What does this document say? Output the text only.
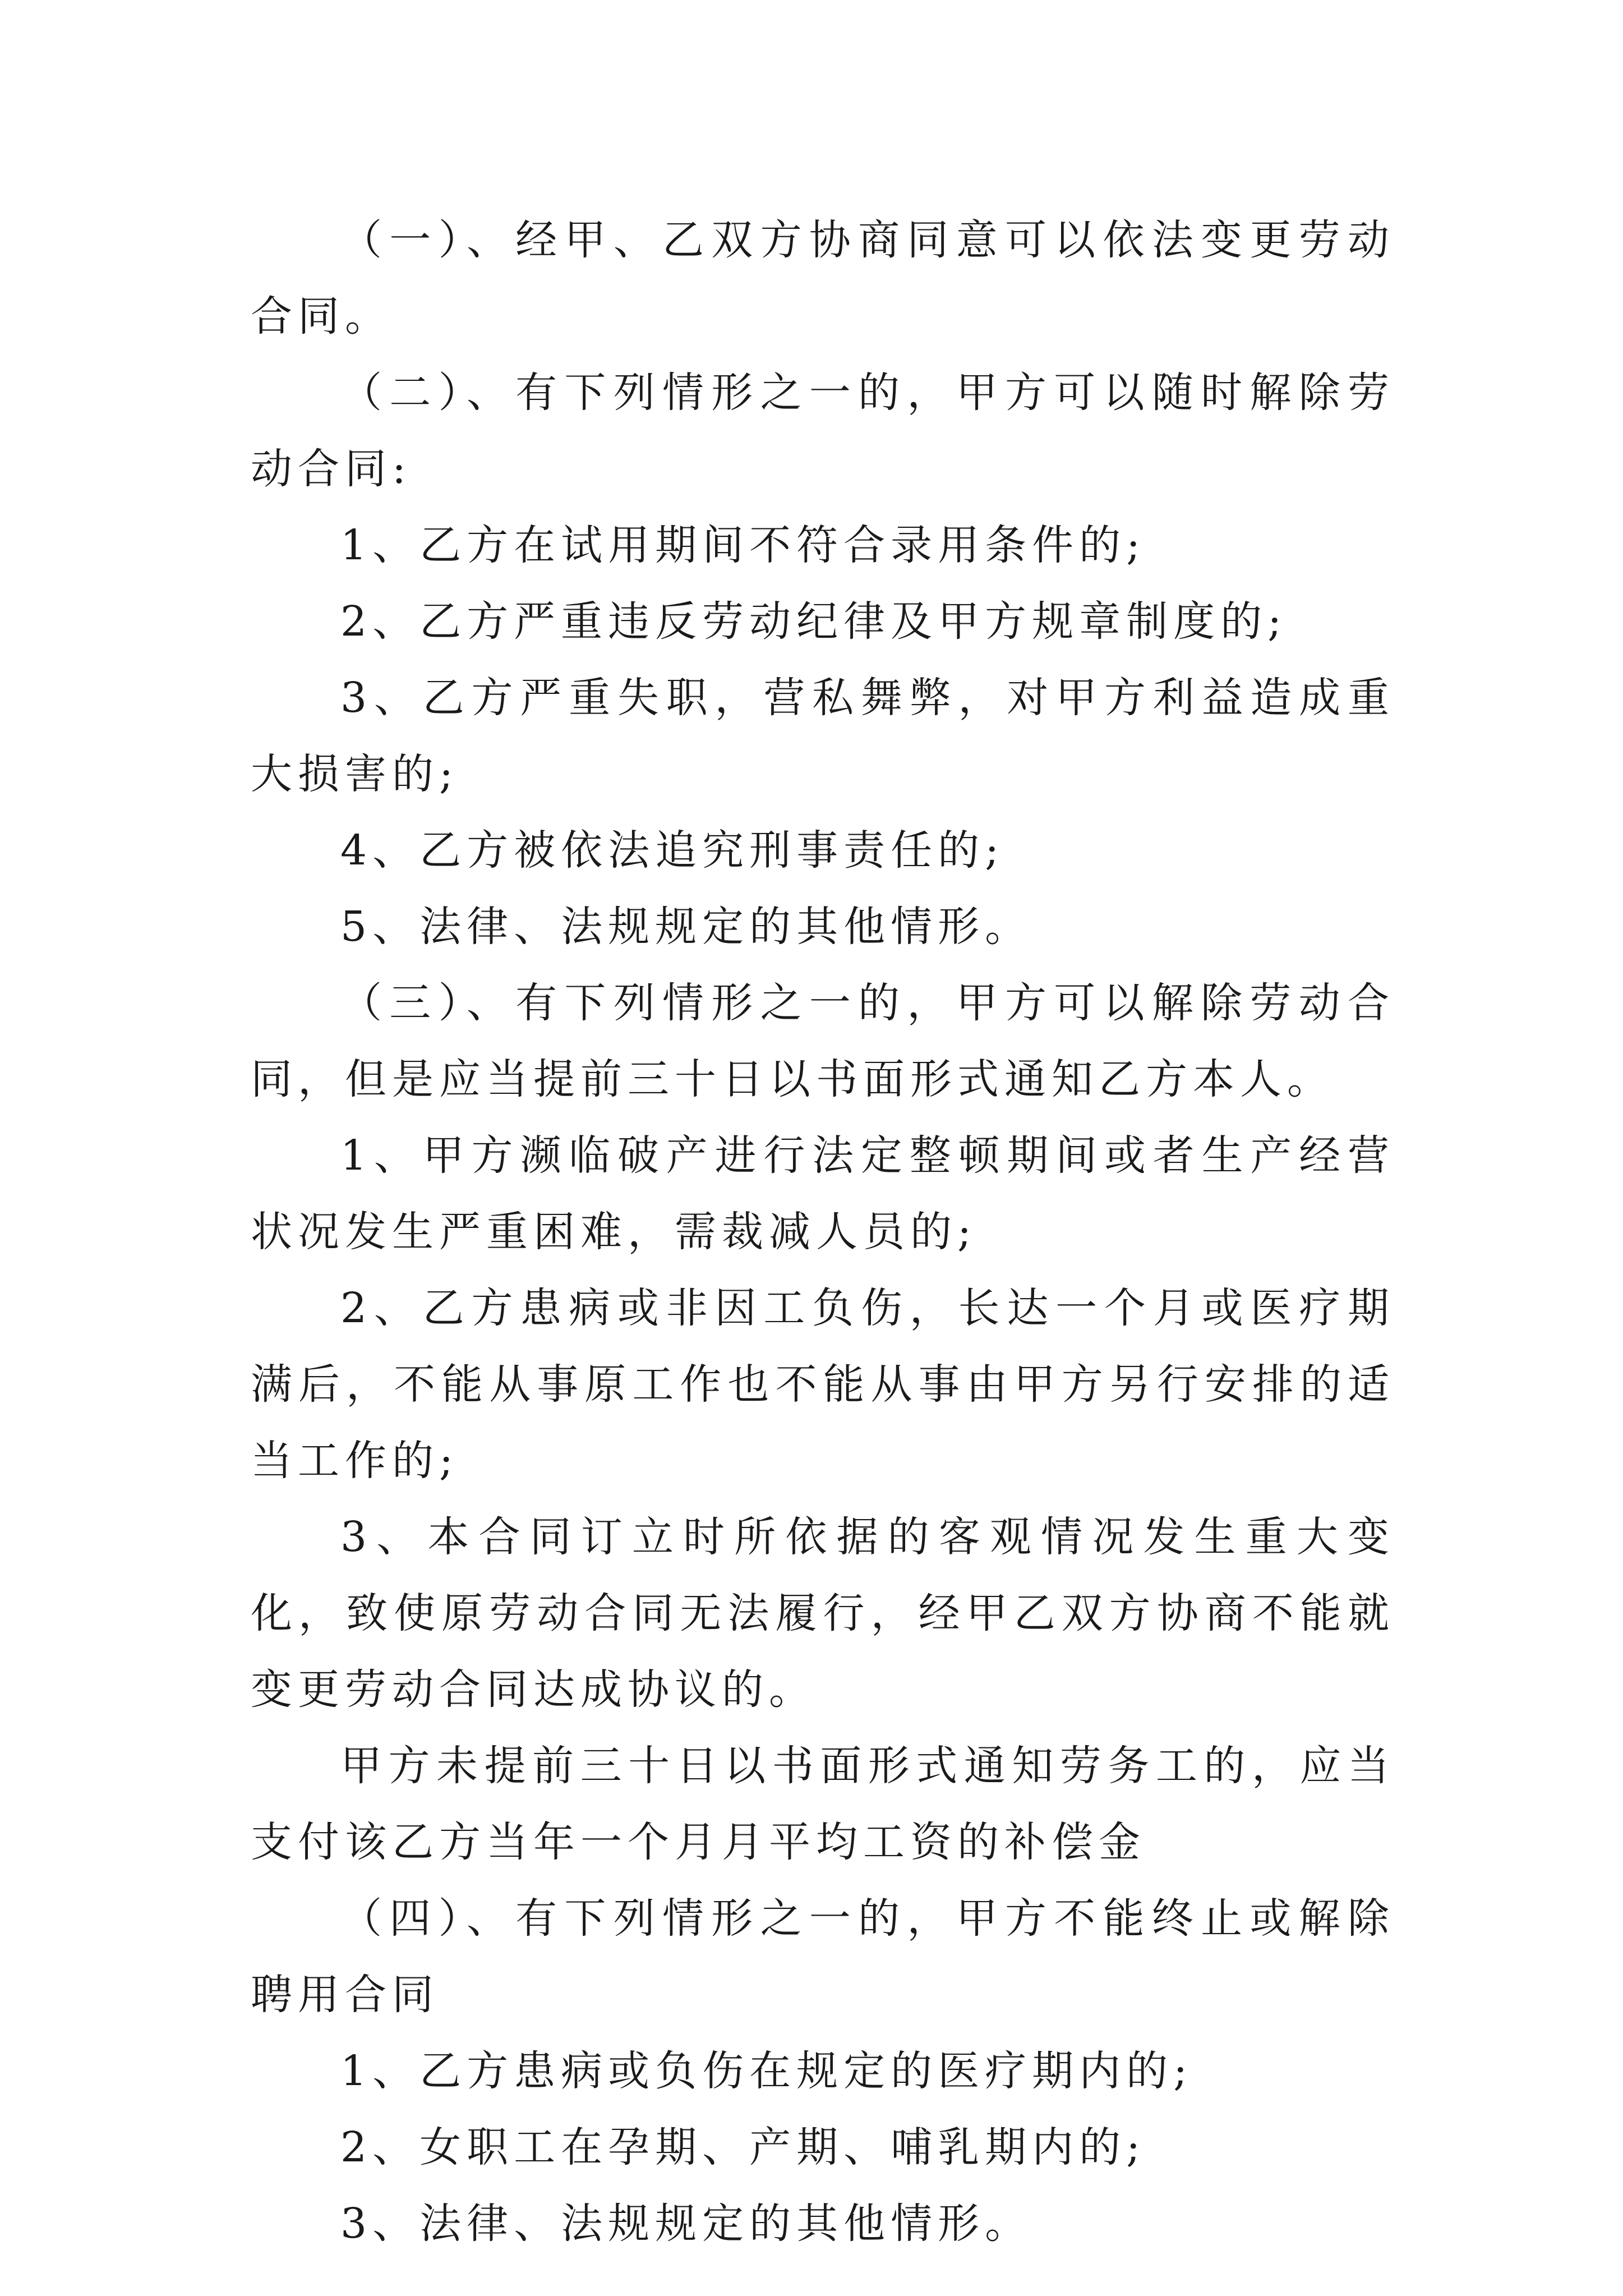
（一）、经甲、乙双方协商同意可以依法变更劳动合同。

（二）、有下列情形之一的，甲方可以随时解除劳动合同:

1、乙方在试用期间不符合录用条件的;

2、乙方严重违反劳动纪律及甲方规章制度的;

3、乙方严重失职，营私舞弊，对甲方利益造成重大损害的;

4、乙方被依法追究刑事责任的;

5、法律、法规规定的其他情形。

（三）、有下列情形之一的，甲方可以解除劳动合同，但是应当提前三十日以书面形式通知乙方本人。

1、甲方濒临破产进行法定整顿期间或者生产经营状况发生严重困难，需裁减人员的;

2、乙方患病或非因工负伤，长达一个月或医疗期满后，不能从事原工作也不能从事由甲方另行安排的适当工作的;

3、本合同订立时所依据的客观情况发生重大变化，致使原劳动合同无法履行，经甲乙双方协商不能就变更劳动合同达成协议的。

甲方未提前三十日以书面形式通知劳务工的，应当支付该乙方当年一个月月平均工资的补偿金

（四）、有下列情形之一的，甲方不能终止或解除聘用合同

1、乙方患病或负伤在规定的医疗期内的;

2、女职工在孕期、产期、哺乳期内的;

3、法律、法规规定的其他情形。
